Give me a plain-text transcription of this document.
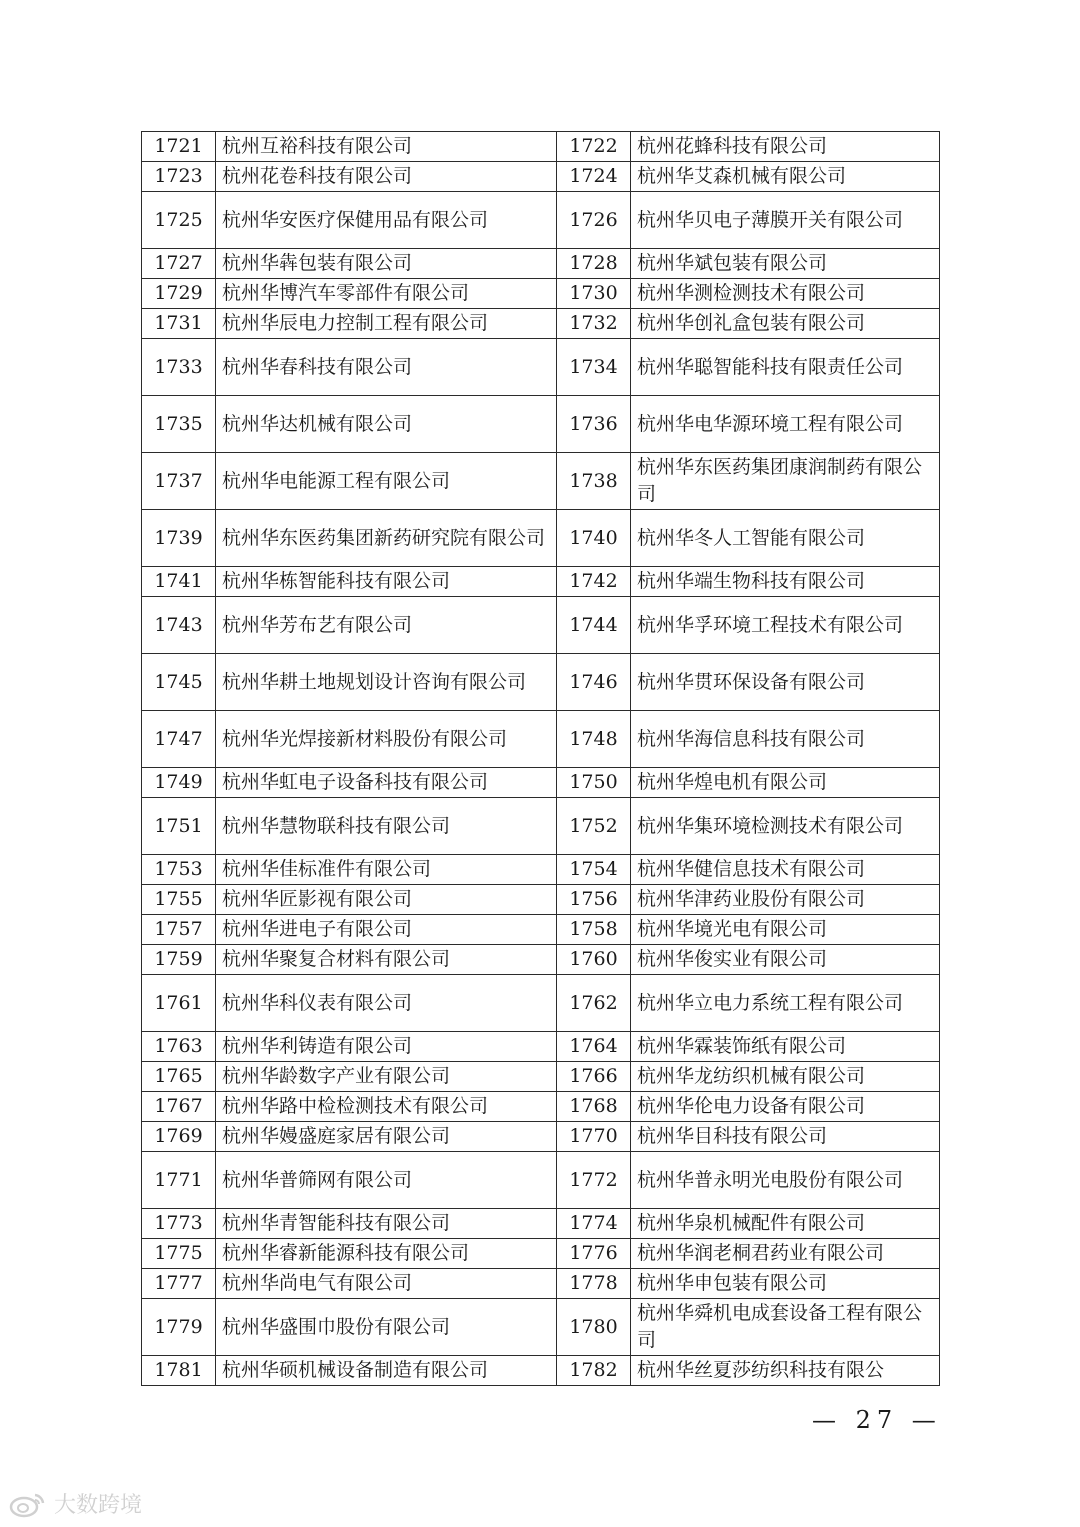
1721	杭州互裕科技有限公司	1722	杭州花蜂科技有限公司
1723	杭州花卷科技有限公司	1724	杭州华艾森机械有限公司
1725	杭州华安医疗保健用品有限公司	1726	杭州华贝电子薄膜开关有限公司
1727	杭州华犇包装有限公司	1728	杭州华斌包装有限公司
1729	杭州华博汽车零部件有限公司	1730	杭州华测检测技术有限公司
1731	杭州华辰电力控制工程有限公司	1732	杭州华创礼盒包装有限公司
1733	杭州华春科技有限公司	1734	杭州华聪智能科技有限责任公司
1735	杭州华达机械有限公司	1736	杭州华电华源环境工程有限公司
1737	杭州华电能源工程有限公司	1738	杭州华东医药集团康润制药有限公司
1739	杭州华东医药集团新药研究院有限公司	1740	杭州华冬人工智能有限公司
1741	杭州华栋智能科技有限公司	1742	杭州华端生物科技有限公司
1743	杭州华芳布艺有限公司	1744	杭州华孚环境工程技术有限公司
1745	杭州华耕土地规划设计咨询有限公司	1746	杭州华贯环保设备有限公司
1747	杭州华光焊接新材料股份有限公司	1748	杭州华海信息科技有限公司
1749	杭州华虹电子设备科技有限公司	1750	杭州华煌电机有限公司
1751	杭州华慧物联科技有限公司	1752	杭州华集环境检测技术有限公司
1753	杭州华佳标准件有限公司	1754	杭州华健信息技术有限公司
1755	杭州华匠影视有限公司	1756	杭州华津药业股份有限公司
1757	杭州华进电子有限公司	1758	杭州华境光电有限公司
1759	杭州华聚复合材料有限公司	1760	杭州华俊实业有限公司
1761	杭州华科仪表有限公司	1762	杭州华立电力系统工程有限公司
1763	杭州华利铸造有限公司	1764	杭州华霖装饰纸有限公司
1765	杭州华龄数字产业有限公司	1766	杭州华龙纺织机械有限公司
1767	杭州华路中检检测技术有限公司	1768	杭州华伦电力设备有限公司
1769	杭州华嫚盛庭家居有限公司	1770	杭州华目科技有限公司
1771	杭州华普筛网有限公司	1772	杭州华普永明光电股份有限公司
1773	杭州华青智能科技有限公司	1774	杭州华泉机械配件有限公司
1775	杭州华睿新能源科技有限公司	1776	杭州华润老桐君药业有限公司
1777	杭州华尚电气有限公司	1778	杭州华申包装有限公司
1779	杭州华盛围巾股份有限公司	1780	杭州华舜机电成套设备工程有限公司
1781	杭州华硕机械设备制造有限公司	1782	杭州华丝夏莎纺织科技有限公
— 27 —
大数跨境
